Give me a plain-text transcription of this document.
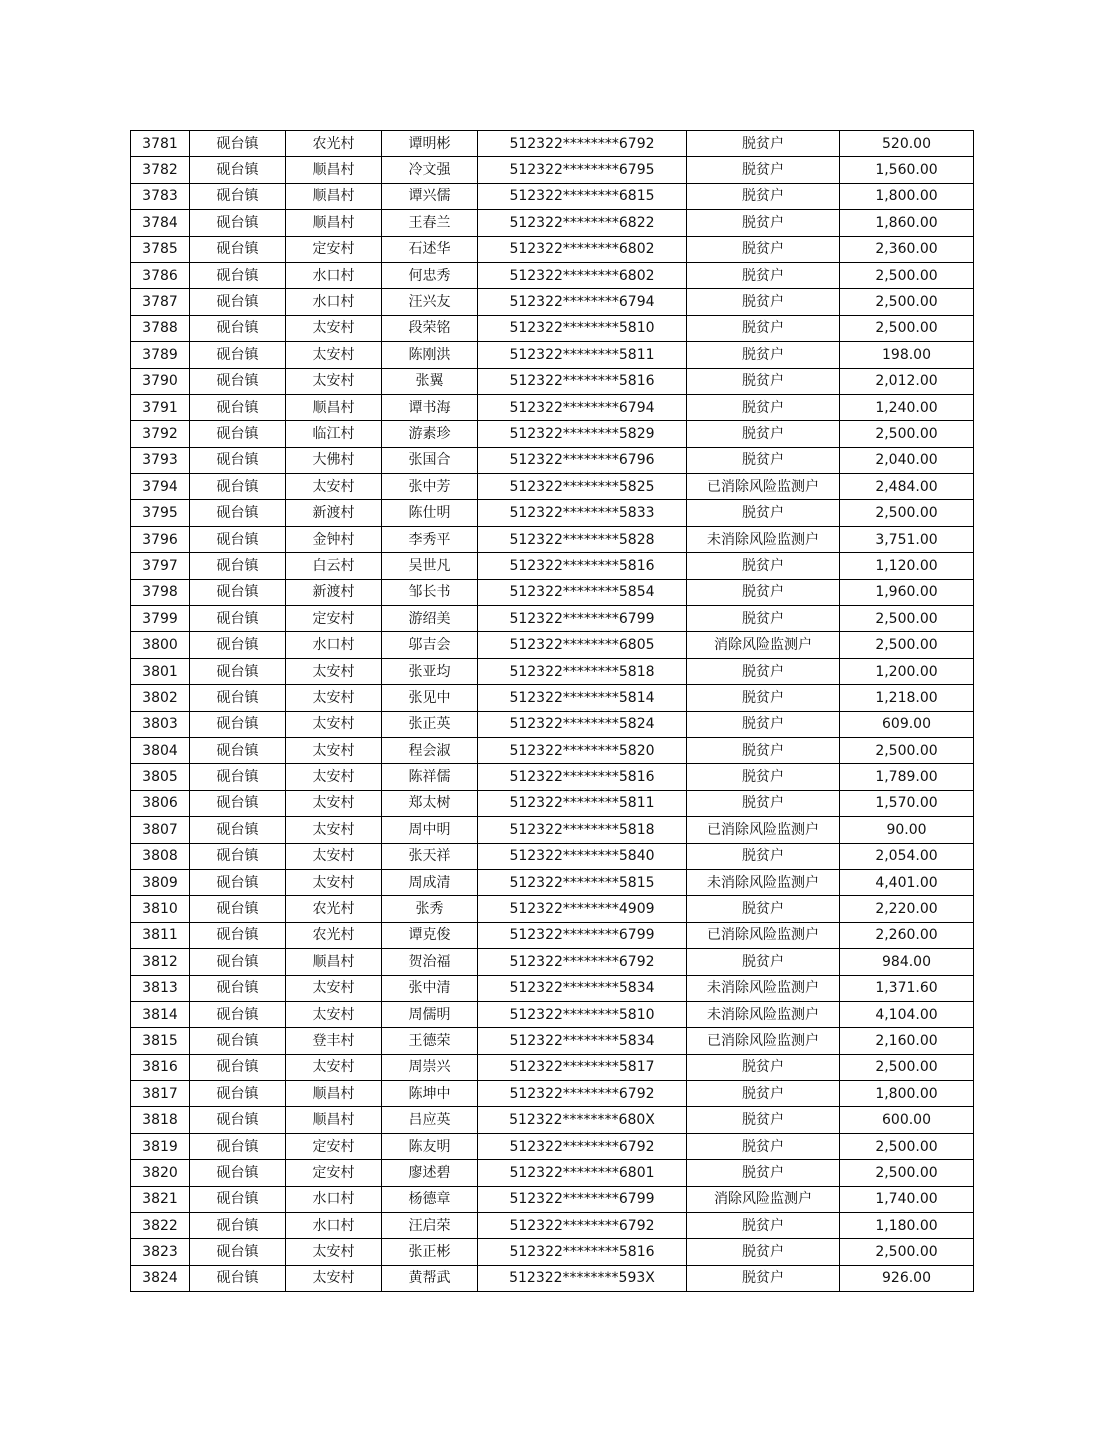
3781	砚台镇	农光村	谭明彬	512322********6792	脱贫户	520.00
3782	砚台镇	顺昌村	冷文强	512322********6795	脱贫户	1,560.00
3783	砚台镇	顺昌村	谭兴儒	512322********6815	脱贫户	1,800.00
3784	砚台镇	顺昌村	王春兰	512322********6822	脱贫户	1,860.00
3785	砚台镇	定安村	石述华	512322********6802	脱贫户	2,360.00
3786	砚台镇	水口村	何忠秀	512322********6802	脱贫户	2,500.00
3787	砚台镇	水口村	汪兴友	512322********6794	脱贫户	2,500.00
3788	砚台镇	太安村	段荣铭	512322********5810	脱贫户	2,500.00
3789	砚台镇	太安村	陈刚洪	512322********5811	脱贫户	198.00
3790	砚台镇	太安村	张翼	512322********5816	脱贫户	2,012.00
3791	砚台镇	顺昌村	谭书海	512322********6794	脱贫户	1,240.00
3792	砚台镇	临江村	游素珍	512322********5829	脱贫户	2,500.00
3793	砚台镇	大佛村	张国合	512322********6796	脱贫户	2,040.00
3794	砚台镇	太安村	张中芳	512322********5825	已消除风险监测户	2,484.00
3795	砚台镇	新渡村	陈仕明	512322********5833	脱贫户	2,500.00
3796	砚台镇	金钟村	李秀平	512322********5828	未消除风险监测户	3,751.00
3797	砚台镇	白云村	吴世凡	512322********5816	脱贫户	1,120.00
3798	砚台镇	新渡村	邹长书	512322********5854	脱贫户	1,960.00
3799	砚台镇	定安村	游绍美	512322********6799	脱贫户	2,500.00
3800	砚台镇	水口村	邬吉会	512322********6805	消除风险监测户	2,500.00
3801	砚台镇	太安村	张亚均	512322********5818	脱贫户	1,200.00
3802	砚台镇	太安村	张见中	512322********5814	脱贫户	1,218.00
3803	砚台镇	太安村	张正英	512322********5824	脱贫户	609.00
3804	砚台镇	太安村	程会淑	512322********5820	脱贫户	2,500.00
3805	砚台镇	太安村	陈祥儒	512322********5816	脱贫户	1,789.00
3806	砚台镇	太安村	郑太树	512322********5811	脱贫户	1,570.00
3807	砚台镇	太安村	周中明	512322********5818	已消除风险监测户	90.00
3808	砚台镇	太安村	张天祥	512322********5840	脱贫户	2,054.00
3809	砚台镇	太安村	周成清	512322********5815	未消除风险监测户	4,401.00
3810	砚台镇	农光村	张秀	512322********4909	脱贫户	2,220.00
3811	砚台镇	农光村	谭克俊	512322********6799	已消除风险监测户	2,260.00
3812	砚台镇	顺昌村	贺治福	512322********6792	脱贫户	984.00
3813	砚台镇	太安村	张中清	512322********5834	未消除风险监测户	1,371.60
3814	砚台镇	太安村	周儒明	512322********5810	未消除风险监测户	4,104.00
3815	砚台镇	登丰村	王德荣	512322********5834	已消除风险监测户	2,160.00
3816	砚台镇	太安村	周崇兴	512322********5817	脱贫户	2,500.00
3817	砚台镇	顺昌村	陈坤中	512322********6792	脱贫户	1,800.00
3818	砚台镇	顺昌村	吕应英	512322********680X	脱贫户	600.00
3819	砚台镇	定安村	陈友明	512322********6792	脱贫户	2,500.00
3820	砚台镇	定安村	廖述碧	512322********6801	脱贫户	2,500.00
3821	砚台镇	水口村	杨德章	512322********6799	消除风险监测户	1,740.00
3822	砚台镇	水口村	汪启荣	512322********6792	脱贫户	1,180.00
3823	砚台镇	太安村	张正彬	512322********5816	脱贫户	2,500.00
3824	砚台镇	太安村	黄帮武	512322********593X	脱贫户	926.00
